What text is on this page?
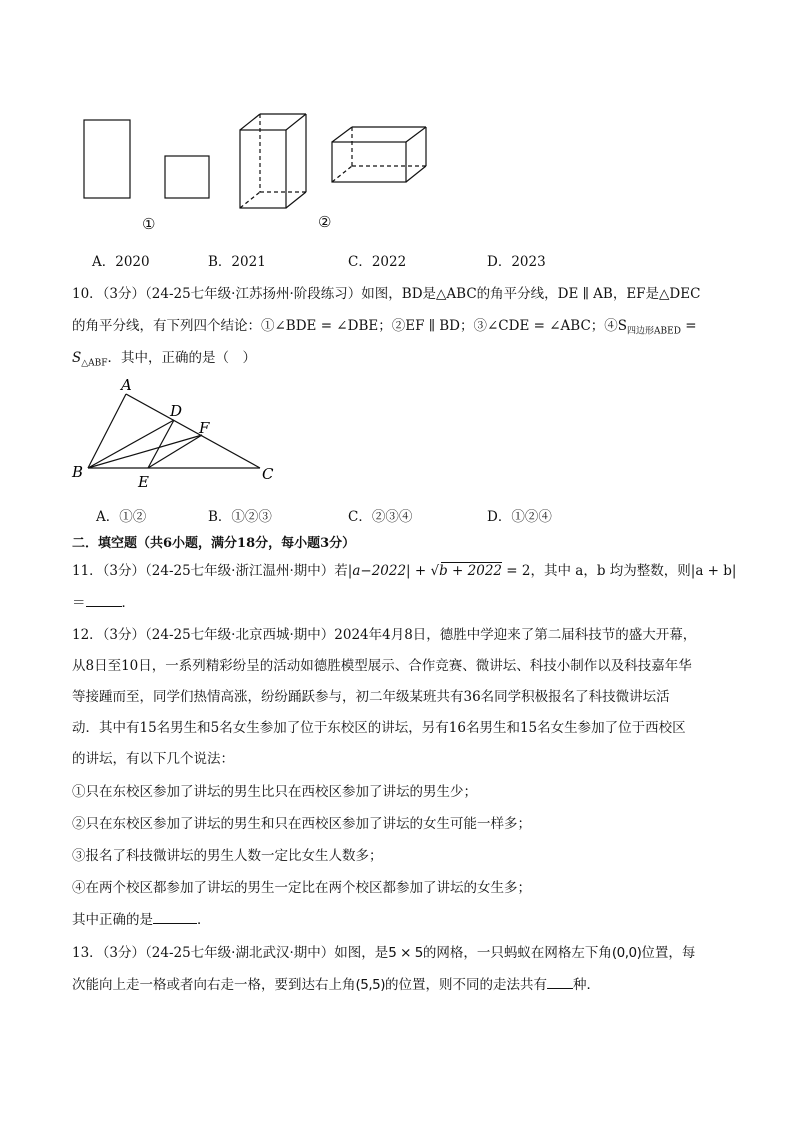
①	②
A．2020	B．2021	C．2022	D．2023
10．（3分）（24-25七年级·江苏扬州·阶段练习）如图，BD是△ABC的角平分线，DE ∥ AB，EF是△DEC
的角平分线，有下列四个结论：①∠BDE = ∠DBE；②EF ∥ BD；③∠CDE = ∠ABC；$④S_{四边形ABED}$ =
$S_{\triangle ABF}$．其中，正确的是（　）
A
D
F
B
E	C
A．①②	B．①②③	C．②③④	D．①②④
二．填空题（共6小题，满分18分，每小题3分）
11．（3分）（24-25七年级·浙江温州·期中）若|a−2022| + √
b + 2022 = 2，其中 a，b 均为整数，则|a + b|
＝	．
12．（3分）（24-25七年级·北京西城·期中）2024年4月8日，德胜中学迎来了第二届科技节的盛大开幕，
从8日至10日，一系列精彩纷呈的活动如德胜模型展示、合作竞赛、微讲坛、科技小制作以及科技嘉年华
等接踵而至，同学们热情高涨，纷纷踊跃参与，初二年级某班共有36名同学积极报名了科技微讲坛活
动．其中有15名男生和5名女生参加了位于东校区的讲坛，另有16名男生和15名女生参加了位于西校区
的讲坛，有以下几个说法：
①只在东校区参加了讲坛的男生比只在西校区参加了讲坛的男生少；
②只在东校区参加了讲坛的男生和只在西校区参加了讲坛的女生可能一样多；
③报名了科技微讲坛的男生人数一定比女生人数多；
④在两个校区都参加了讲坛的男生一定比在两个校区都参加了讲坛的女生多；
其中正确的是	．
13．（3分）（24-25七年级·湖北武汉·期中）如图，是5 × 5的网格，一只蚂蚁在网格左下角(0,0)位置，每
次能向上走一格或者向右走一格，要到达右上角(5,5)的位置，则不同的走法共有 种．
